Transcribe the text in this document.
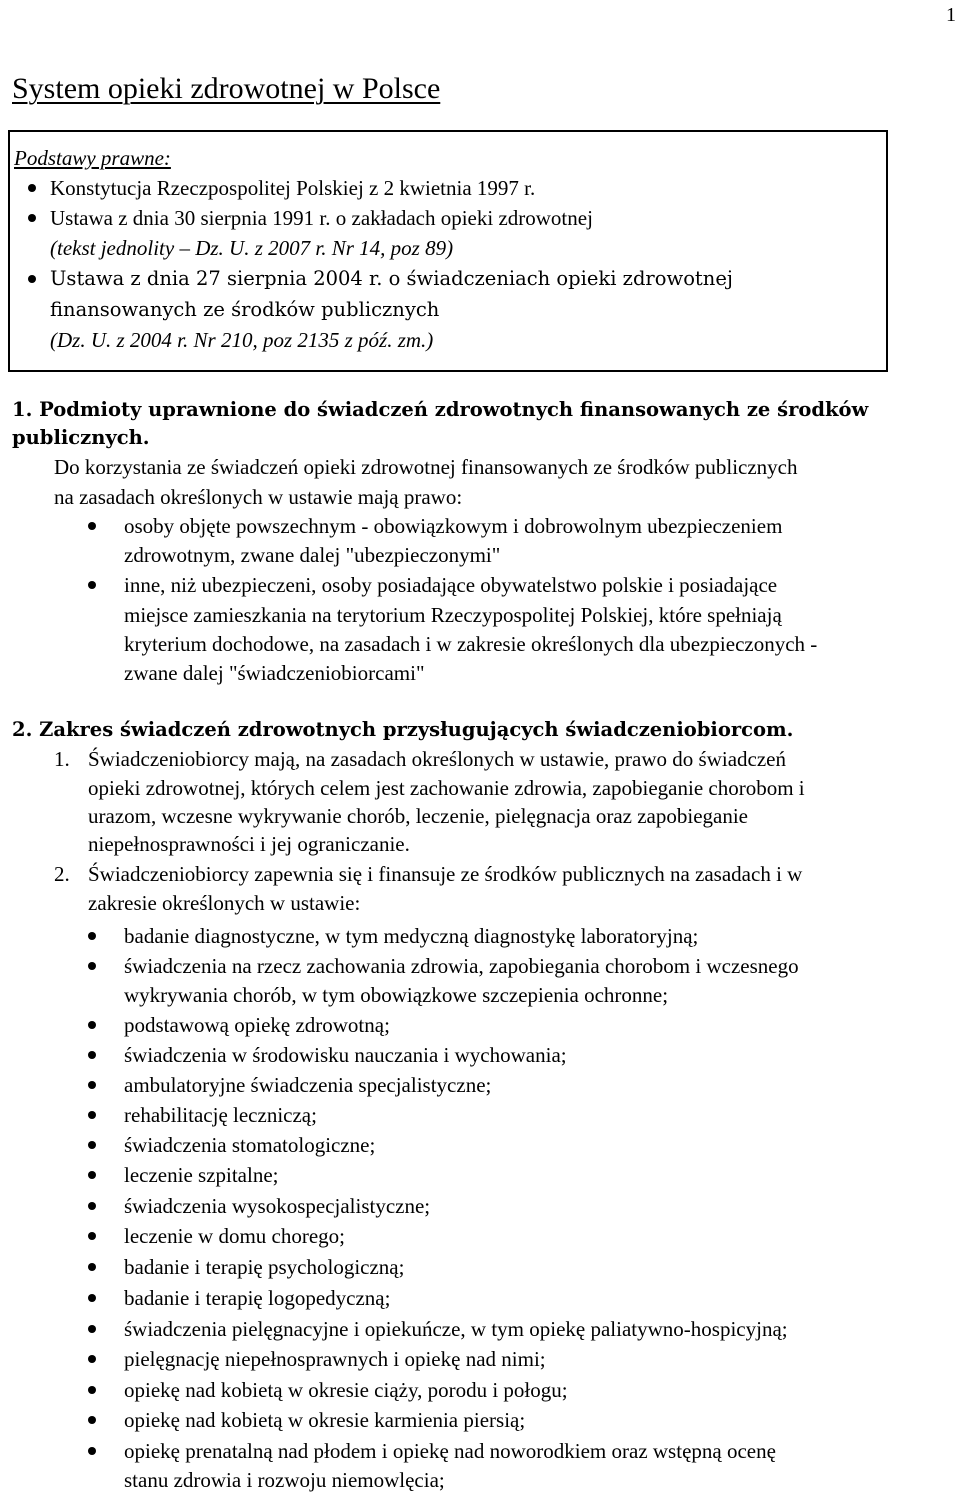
1
System opieki zdrowotnej w Polsce
Podstawy prawne:
Konstytucja Rzeczpospolitej Polskiej z 2 kwietnia 1997 r.
Ustawa z dnia 30 sierpnia 1991 r. o zakładach opieki zdrowotnej
(tekst jednolity – Dz. U. z 2007 r. Nr 14, poz 89)
Ustawa z dnia 27 sierpnia 2004 r. o świadczeniach opieki zdrowotnej
finansowanych ze środków publicznych
(Dz. U. z 2004 r. Nr 210, poz 2135 z póź. zm.)
1. Podmioty uprawnione do świadczeń zdrowotnych finansowanych ze środków
publicznych.
Do korzystania ze świadczeń opieki zdrowotnej finansowanych ze środków publicznych
na zasadach określonych w ustawie mają prawo:
osoby objęte powszechnym - obowiązkowym i dobrowolnym ubezpieczeniem
zdrowotnym, zwane dalej "ubezpieczonymi"
inne, niż ubezpieczeni, osoby posiadające obywatelstwo polskie i posiadające
miejsce zamieszkania na terytorium Rzeczypospolitej Polskiej, które spełniają
kryterium dochodowe, na zasadach i w zakresie określonych dla ubezpieczonych -
zwane dalej "świadczeniobiorcami"
2. Zakres świadczeń zdrowotnych przysługujących świadczeniobiorcom.
1. Świadczeniobiorcy mają, na zasadach określonych w ustawie, prawo do świadczeń
opieki zdrowotnej, których celem jest zachowanie zdrowia, zapobieganie chorobom i
urazom, wczesne wykrywanie chorób, leczenie, pielęgnacja oraz zapobieganie
niepełnosprawności i jej ograniczanie.
2. Świadczeniobiorcy zapewnia się i finansuje ze środków publicznych na zasadach i w
zakresie określonych w ustawie:
badanie diagnostyczne, w tym medyczną diagnostykę laboratoryjną;
świadczenia na rzecz zachowania zdrowia, zapobiegania chorobom i wczesnego
wykrywania chorób, w tym obowiązkowe szczepienia ochronne;
podstawową opiekę zdrowotną;
świadczenia w środowisku nauczania i wychowania;
ambulatoryjne świadczenia specjalistyczne;
rehabilitację leczniczą;
świadczenia stomatologiczne;
leczenie szpitalne;
świadczenia wysokospecjalistyczne;
leczenie w domu chorego;
badanie i terapię psychologiczną;
badanie i terapię logopedyczną;
świadczenia pielęgnacyjne i opiekuńcze, w tym opiekę paliatywno-hospicyjną;
pielęgnację niepełnosprawnych i opiekę nad nimi;
opiekę nad kobietą w okresie ciąży, porodu i połogu;
opiekę nad kobietą w okresie karmienia piersią;
opiekę prenatalną nad płodem i opiekę nad noworodkiem oraz wstępną ocenę
stanu zdrowia i rozwoju niemowlęcia;
